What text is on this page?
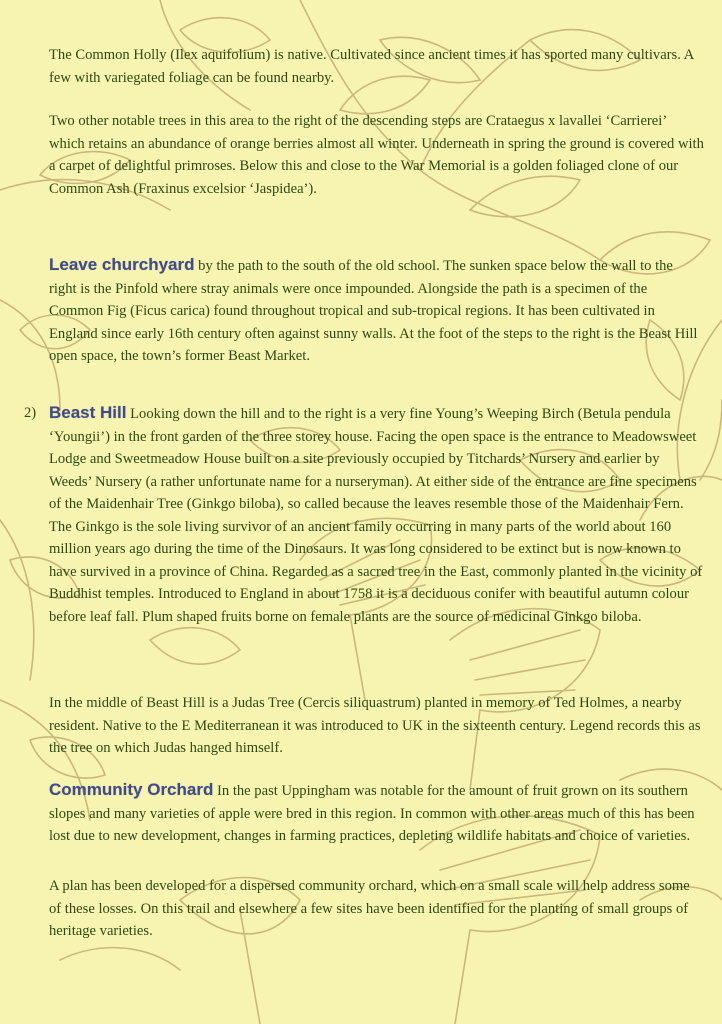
The Common Holly (Ilex aquifolium) is native. Cultivated since ancient times it has sported many cultivars. A few with variegated foliage can be found nearby.

Two other notable trees in this area to the right of the descending steps are Crataegus x lavallei ‘Carrierei’ which retains an abundance of orange berries almost all winter. Underneath in spring the ground is covered with a carpet of delightful primroses. Below this and close to the War Memorial is a golden foliaged clone of our Common Ash (Fraxinus excelsior ‘Jaspidea’).

Leave churchyard by the path to the south of the old school. The sunken space below the wall to the right is the Pinfold where stray animals were once impounded. Alongside the path is a specimen of the Common Fig (Ficus carica) found throughout tropical and sub-tropical regions. It has been cultivated in England since early 16th century often against sunny walls. At the foot of the steps to the right is the Beast Hill open space, the town’s former Beast Market.

2) Beast Hill Looking down the hill and to the right is a very fine Young’s Weeping Birch (Betula pendula ‘Youngii’) in the front garden of the three storey house. Facing the open space is the entrance to Meadowsweet Lodge and Sweetmeadow House built on a site previously occupied by Titchards’ Nursery and earlier by Weeds’ Nursery (a rather unfortunate name for a nurseryman). At either side of the entrance are fine specimens of the Maidenhair Tree (Ginkgo biloba), so called because the leaves resemble those of the Maidenhair Fern. The Ginkgo is the sole living survivor of an ancient family occurring in many parts of the world about 160 million years ago during the time of the Dinosaurs. It was long considered to be extinct but is now known to have survived in a province of China. Regarded as a sacred tree in the East, commonly planted in the vicinity of Buddhist temples. Introduced to England in about 1758 it is a deciduous conifer with beautiful autumn colour before leaf fall. Plum shaped fruits borne on female plants are the source of medicinal Ginkgo biloba.

In the middle of Beast Hill is a Judas Tree (Cercis siliquastrum) planted in memory of Ted Holmes, a nearby resident. Native to the E Mediterranean it was introduced to UK in the sixteenth century. Legend records this as the tree on which Judas hanged himself.

Community Orchard In the past Uppingham was notable for the amount of fruit grown on its southern slopes and many varieties of apple were bred in this region. In common with other areas much of this has been lost due to new development, changes in farming practices, depleting wildlife habitats and choice of varieties.

A plan has been developed for a dispersed community orchard, which on a small scale will help address some of these losses. On this trail and elsewhere a few sites have been identified for the planting of small groups of heritage varieties.
